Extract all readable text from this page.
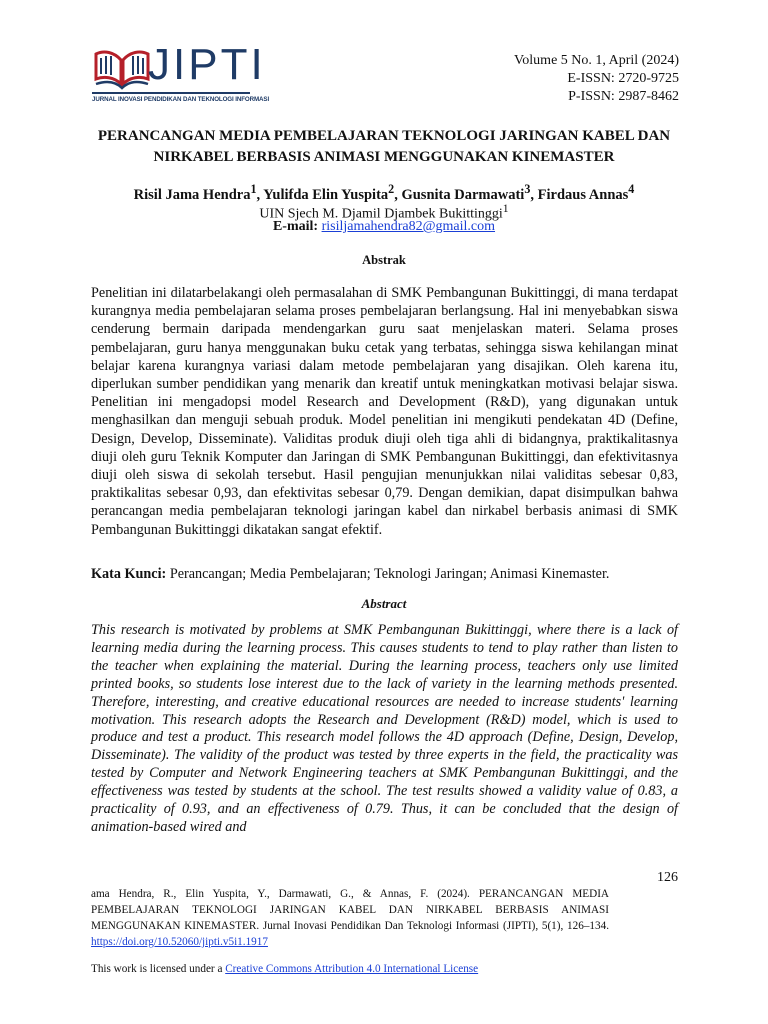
JIPTI
JURNAL INOVASI PENDIDIKAN DAN TEKNOLOGI INFORMASI
Volume 5 No. 1, April (2024)
E-ISSN: 2720-9725
P-ISSN: 2987-8462
PERANCANGAN MEDIA PEMBELAJARAN TEKNOLOGI JARINGAN KABEL DAN
NIRKABEL BERBASIS ANIMASI MENGGUNAKAN KINEMASTER
Risil Jama Hendra$^1$, Yulifda Elin Yuspita$^2$, Gusnita Darmawati$^3$, Firdaus Annas$^4$
UIN Sjech M. Djamil Djambek Bukittinggi$^1$
E-mail: risiljamahendra82@gmail.com
Abstrak
Penelitian ini dilatarbelakangi oleh permasalahan di SMK Pembangunan Bukittinggi, di mana terdapat kurangnya media pembelajaran selama proses pembelajaran berlangsung. Hal ini menyebabkan siswa cenderung bermain daripada mendengarkan guru saat menjelaskan materi. Selama proses pembelajaran, guru hanya menggunakan buku cetak yang terbatas, sehingga siswa kehilangan minat belajar karena kurangnya variasi dalam metode pembelajaran yang disajikan. Oleh karena itu, diperlukan sumber pendidikan yang menarik dan kreatif untuk meningkatkan motivasi belajar siswa. Penelitian ini mengadopsi model Research and Development (R&D), yang digunakan untuk menghasilkan dan menguji sebuah produk. Model penelitian ini mengikuti pendekatan 4D (Define, Design, Develop, Disseminate). Validitas produk diuji oleh tiga ahli di bidangnya, praktikalitasnya diuji oleh guru Teknik Komputer dan Jaringan di SMK Pembangunan Bukittinggi, dan efektivitasnya diuji oleh siswa di sekolah tersebut. Hasil pengujian menunjukkan nilai validitas sebesar 0,83, praktikalitas sebesar 0,93, dan efektivitas sebesar 0,79. Dengan demikian, dapat disimpulkan bahwa perancangan media pembelajaran teknologi jaringan kabel dan nirkabel berbasis animasi di SMK Pembangunan Bukittinggi dikatakan sangat efektif.
Kata Kunci: Perancangan; Media Pembelajaran; Teknologi Jaringan; Animasi Kinemaster.
Abstract
This research is motivated by problems at SMK Pembangunan Bukittinggi, where there is a lack of learning media during the learning process. This causes students to tend to play rather than listen to the teacher when explaining the material. During the learning process, teachers only use limited printed books, so students lose interest due to the lack of variety in the learning methods presented. Therefore, interesting, and creative educational resources are needed to increase students' learning motivation. This research adopts the Research and Development (R&D) model, which is used to produce and test a product. This research model follows the 4D approach (Define, Design, Develop, Disseminate). The validity of the product was tested by three experts in the field, the practicality was tested by Computer and Network Engineering teachers at SMK Pembangunan Bukittinggi, and the effectiveness was tested by students at the school. The test results showed a validity value of 0.83, a practicality of 0.93, and an effectiveness of 0.79. Thus, it can be concluded that the design of animation-based wired and
126
ama Hendra, R., Elin Yuspita, Y., Darmawati, G., & Annas, F. (2024). PERANCANGAN MEDIA PEMBELAJARAN TEKNOLOGI JARINGAN KABEL DAN NIRKABEL BERBASIS ANIMASI MENGGUNAKAN KINEMASTER. Jurnal Inovasi Pendidikan Dan Teknologi Informasi (JIPTI), 5(1), 126–134. https://doi.org/10.52060/jipti.v5i1.1917
This work is licensed under a Creative Commons Attribution 4.0 International License
